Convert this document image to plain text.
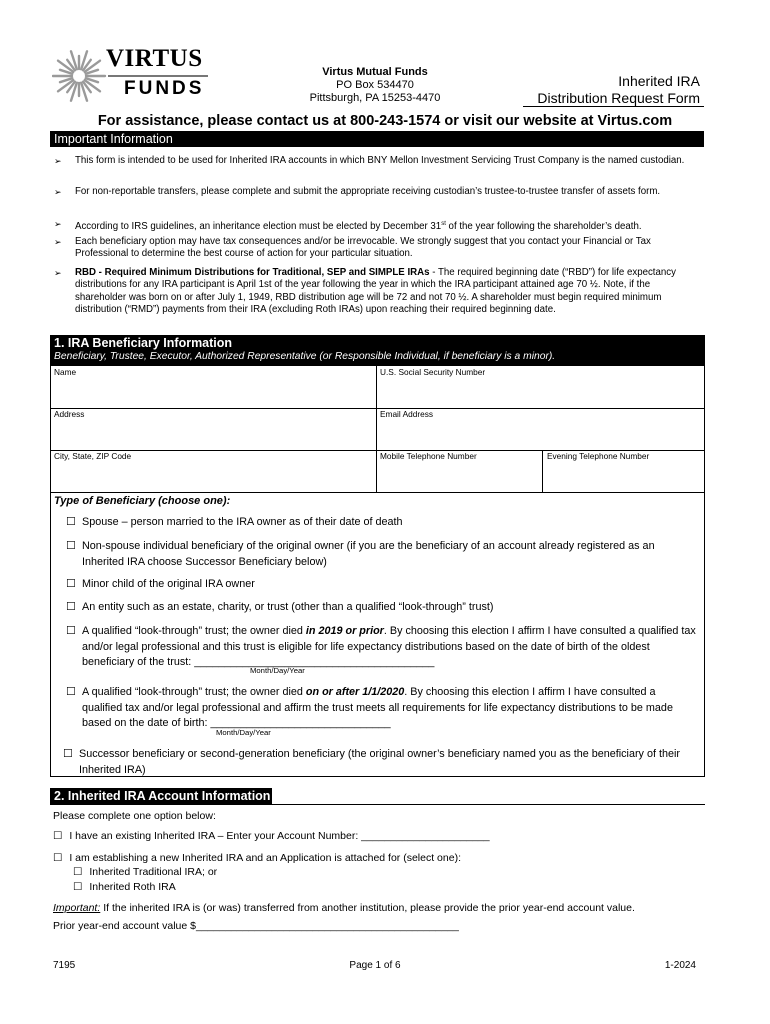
VIRTUS
FUNDS
Virtus Mutual Funds
PO Box 534470
Pittsburgh, PA 15253-4470
Inherited IRA
Distribution Request Form
For assistance, please contact us at 800-243-1574 or visit our website at Virtus.com
Important Information
➢ This form is intended to be used for Inherited IRA accounts in which BNY Mellon Investment Servicing Trust Company is the named custodian.
➢ For non-reportable transfers, please complete and submit the appropriate receiving custodian’s trustee-to-trustee transfer of assets form.
➢ According to IRS guidelines, an inheritance election must be elected by December 31st of the year following the shareholder’s death.
➢ Each beneficiary option may have tax consequences and/or be irrevocable. We strongly suggest that you contact your Financial or Tax Professional to determine the best course of action for your particular situation.
➢ RBD - Required Minimum Distributions for Traditional, SEP and SIMPLE IRAs - The required beginning date (“RBD”) for life expectancy distributions for any IRA participant is April 1st of the year following the year in which the IRA participant attained age 70 ½. Note, if the shareholder was born on or after July 1, 1949, RBD distribution age will be 72 and not 70 ½. A shareholder must begin required minimum distribution (“RMD”) payments from their IRA (excluding Roth IRAs) upon reaching their required beginning date.
1. IRA Beneficiary Information
Beneficiary, Trustee, Executor, Authorized Representative (or Responsible Individual, if beneficiary is a minor).
Name	U.S. Social Security Number
Address	Email Address
City, State, ZIP Code	Mobile Telephone Number	Evening Telephone Number
Type of Beneficiary (choose one):
☐ Spouse – person married to the IRA owner as of their date of death
☐ Non-spouse individual beneficiary of the original owner (if you are the beneficiary of an account already registered as an Inherited IRA choose Successor Beneficiary below)
☐ Minor child of the original IRA owner
☐ An entity such as an estate, charity, or trust (other than a qualified “look-through” trust)
☐ A qualified “look-through” trust; the owner died in 2019 or prior. By choosing this election I affirm I have consulted a qualified tax and/or legal professional and this trust is eligible for life expectancy distributions based on the date of birth of the oldest beneficiary of the trust: ________________________________________
Month/Day/Year
☐ A qualified “look-through” trust; the owner died on or after 1/1/2020. By choosing this election I affirm I have consulted a qualified tax and/or legal professional and affirm the trust meets all requirements for life expectancy distributions to be made based on the date of birth: ______________________________
Month/Day/Year
☐ Successor beneficiary or second-generation beneficiary (the original owner’s beneficiary named you as the beneficiary of their Inherited IRA)
2. Inherited IRA Account Information
Please complete one option below:
☐ I have an existing Inherited IRA – Enter your Account Number: ______________________
☐ I am establishing a new Inherited IRA and an Application is attached for (select one):
☐ Inherited Traditional IRA; or
☐ Inherited Roth IRA
Important: If the inherited IRA is (or was) transferred from another institution, please provide the prior year-end account value.
Prior year-end account value $_____________________________________________
7195	Page 1 of 6	1-2024
